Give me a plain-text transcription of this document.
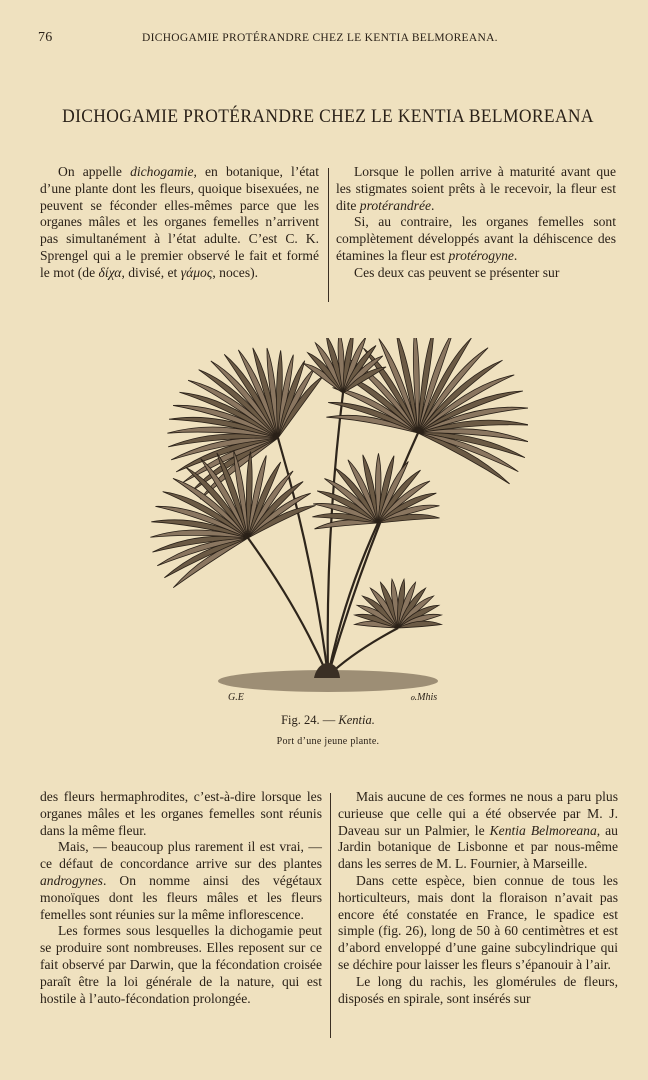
76	DICHOGAMIE PROTÉRANDRE CHEZ LE KENTIA BELMOREANA.
DICHOGAMIE PROTÉRANDRE CHEZ LE KENTIA BELMOREANA

On appelle dichogamie, en botanique, l’état d’une plante dont les fleurs, quoique bisexuées, ne peuvent se féconder elles-mêmes parce que les organes mâles et les organes femelles n’arrivent pas simultanément à l’état adulte. C’est C. K. Sprengel qui a le premier observé le fait et formé le mot (de δίχα, divisé, et γάμος, noces).

Lorsque le pollen arrive à maturité avant que les stigmates soient prêts à le recevoir, la fleur est dite protérandrée.

Si, au contraire, les organes femelles sont complètement développés avant la déhiscence des étamines la fleur est protérogyne.

Ces deux cas peuvent se présenter sur

G.E	ℴ.Mhis
Fig. 24. — Kentia.
Port d’une jeune plante.

des fleurs hermaphrodites, c’est-à-dire lorsque les organes mâles et les organes femelles sont réunis dans la même fleur.

Mais, — beaucoup plus rarement il est vrai, — ce défaut de concordance arrive sur des plantes androgynes. On nomme ainsi des végétaux monoïques dont les fleurs mâles et les fleurs femelles sont réunies sur la même inflorescence.

Les formes sous lesquelles la dichogamie peut se produire sont nombreuses. Elles reposent sur ce fait observé par Darwin, que la fécondation croisée paraît être la loi générale de la nature, qui est hostile à l’auto-fécondation prolongée.

Mais aucune de ces formes ne nous a paru plus curieuse que celle qui a été observée par M. J. Daveau sur un Palmier, le Kentia Belmoreana, au Jardin botanique de Lisbonne et par nous-même dans les serres de M. L. Fournier, à Marseille.

Dans cette espèce, bien connue de tous les horticulteurs, mais dont la floraison n’avait pas encore été constatée en France, le spadice est simple (fig. 26), long de 50 à 60 centimètres et est d’abord enveloppé d’une gaine subcylindrique qui se déchire pour laisser les fleurs s’épanouir à l’air.

Le long du rachis, les glomérules de fleurs, disposés en spirale, sont insérés sur
